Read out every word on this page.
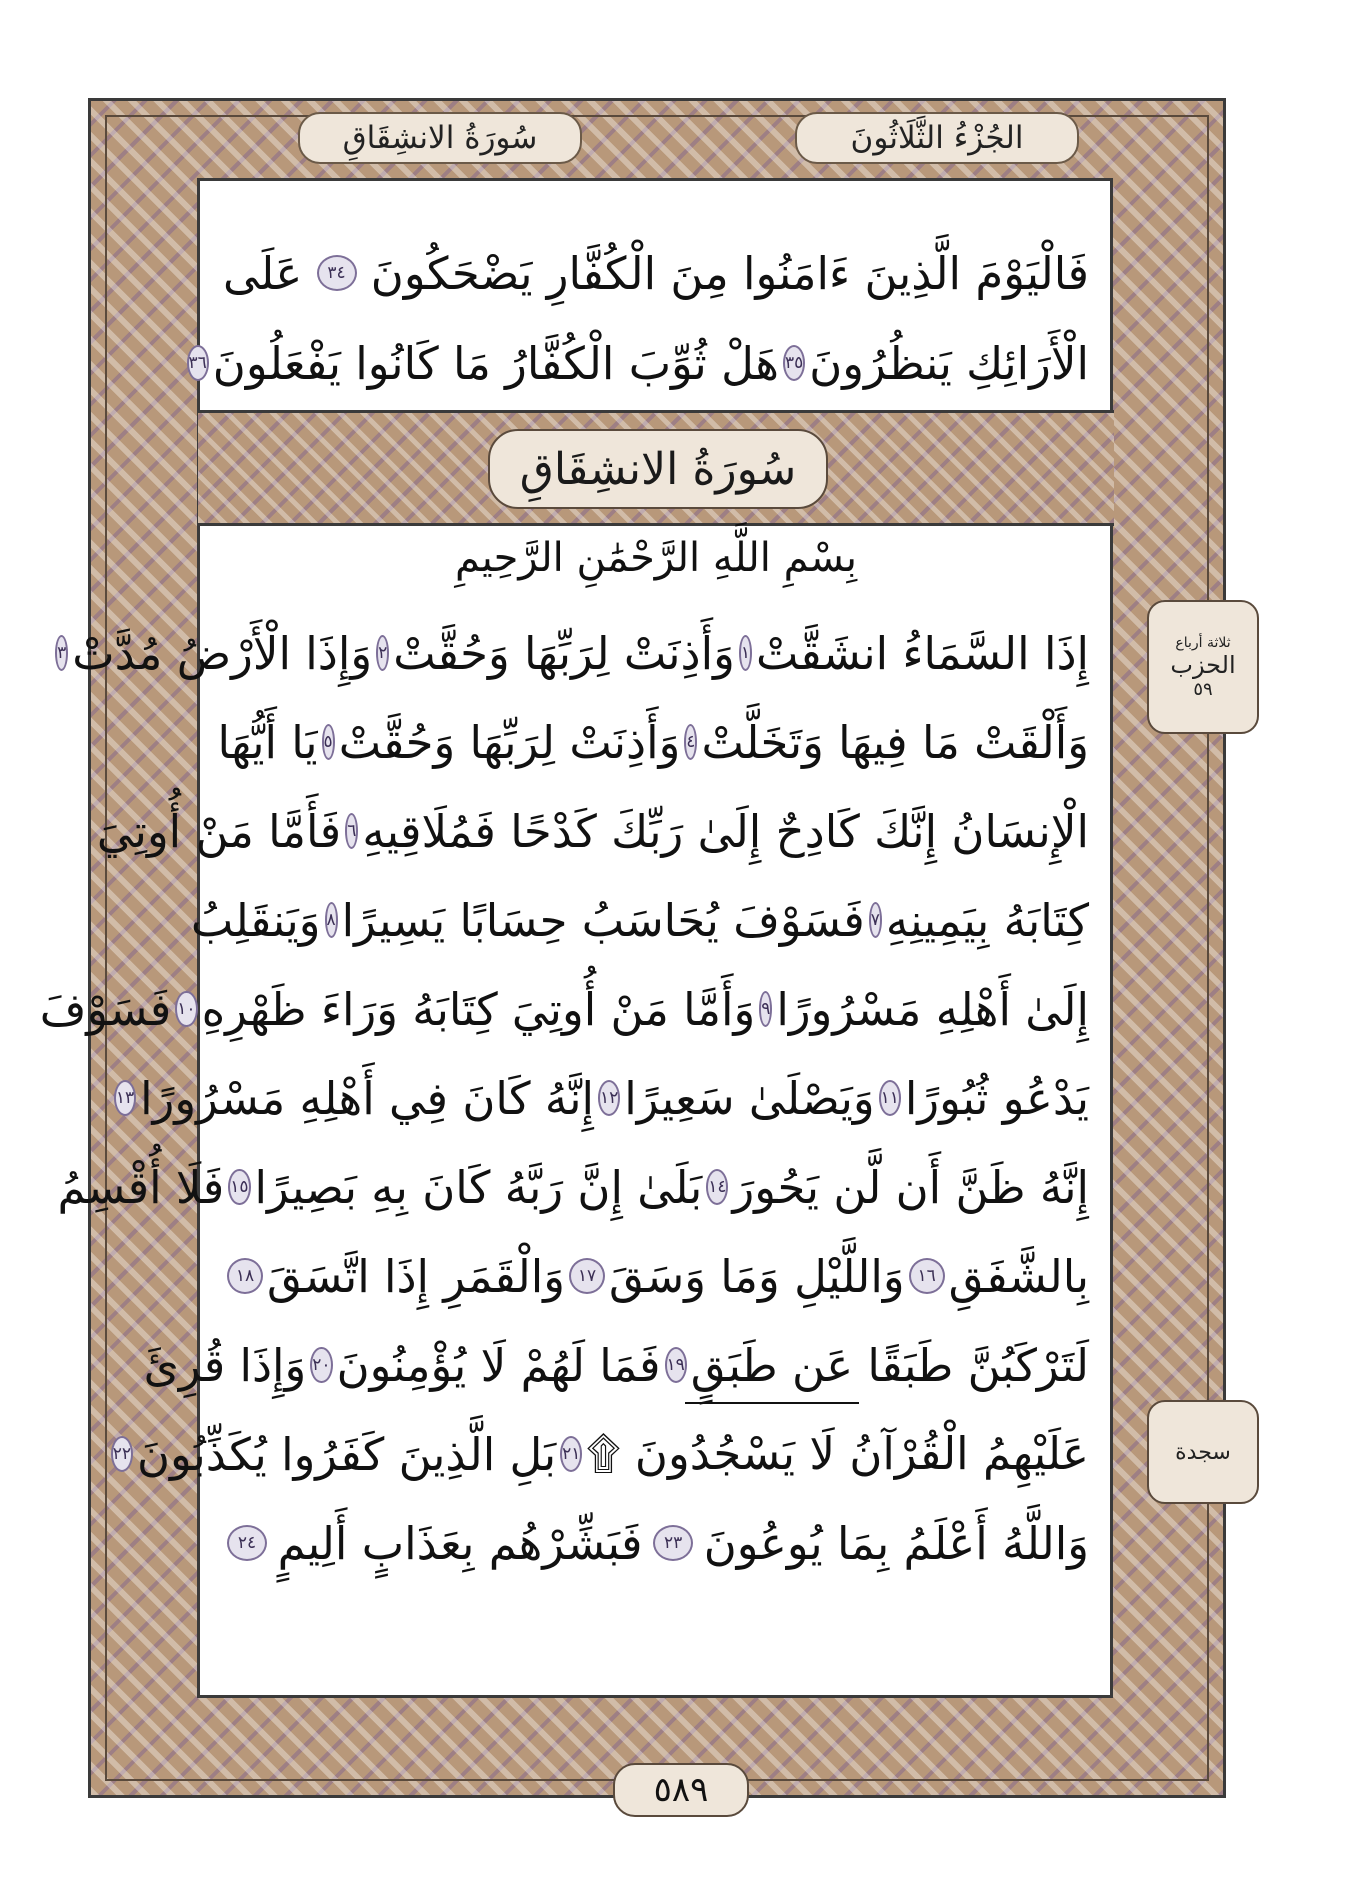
الجُزْءُ الثَّلَاثُونَ
سُورَةُ الانشِقَاقِ
فَالْيَوْمَ الَّذِينَ ءَامَنُوا مِنَ الْكُفَّارِ يَضْحَكُونَ
٣٤
عَلَى
الْأَرَائِكِ يَنظُرُونَ
٣٥
هَلْ ثُوِّبَ الْكُفَّارُ مَا كَانُوا يَفْعَلُونَ
٣٦
سُورَةُ الانشِقَاقِ
بِسْمِ اللَّهِ الرَّحْمَٰنِ الرَّحِيمِ
إِذَا السَّمَاءُ انشَقَّتْ
١
وَأَذِنَتْ لِرَبِّهَا وَحُقَّتْ
٢
وَإِذَا الْأَرْضُ مُدَّتْ
٣
وَأَلْقَتْ مَا فِيهَا وَتَخَلَّتْ
٤
وَأَذِنَتْ لِرَبِّهَا وَحُقَّتْ
٥
يَا أَيُّهَا
الْإِنسَانُ إِنَّكَ كَادِحٌ إِلَىٰ رَبِّكَ كَدْحًا فَمُلَاقِيهِ
٦
فَأَمَّا مَنْ أُوتِيَ
كِتَابَهُ بِيَمِينِهِ
٧
فَسَوْفَ يُحَاسَبُ حِسَابًا يَسِيرًا
٨
وَيَنقَلِبُ
إِلَىٰ أَهْلِهِ مَسْرُورًا
٩
وَأَمَّا مَنْ أُوتِيَ كِتَابَهُ وَرَاءَ ظَهْرِهِ
١٠
فَسَوْفَ
يَدْعُو ثُبُورًا
١١
وَيَصْلَىٰ سَعِيرًا
١٢
إِنَّهُ كَانَ فِي أَهْلِهِ مَسْرُورًا
١٣
إِنَّهُ ظَنَّ أَن لَّن يَحُورَ
١٤
بَلَىٰ إِنَّ رَبَّهُ كَانَ بِهِ بَصِيرًا
١٥
فَلَا أُقْسِمُ
بِالشَّفَقِ
١٦
وَاللَّيْلِ وَمَا وَسَقَ
١٧
وَالْقَمَرِ إِذَا اتَّسَقَ
١٨
لَتَرْكَبُنَّ طَبَقًا عَن طَبَقٍ
١٩
فَمَا لَهُمْ لَا يُؤْمِنُونَ
٢٠
وَإِذَا قُرِئَ
عَلَيْهِمُ الْقُرْآنُ لَا يَسْجُدُونَ ۩
٢١
بَلِ الَّذِينَ كَفَرُوا يُكَذِّبُونَ
٢٢
وَاللَّهُ أَعْلَمُ بِمَا يُوعُونَ
٢٣
فَبَشِّرْهُم بِعَذَابٍ أَلِيمٍ
٢٤
ثلاثة أرباع
الحزب
٥٩
سجدة
٥٨٩
